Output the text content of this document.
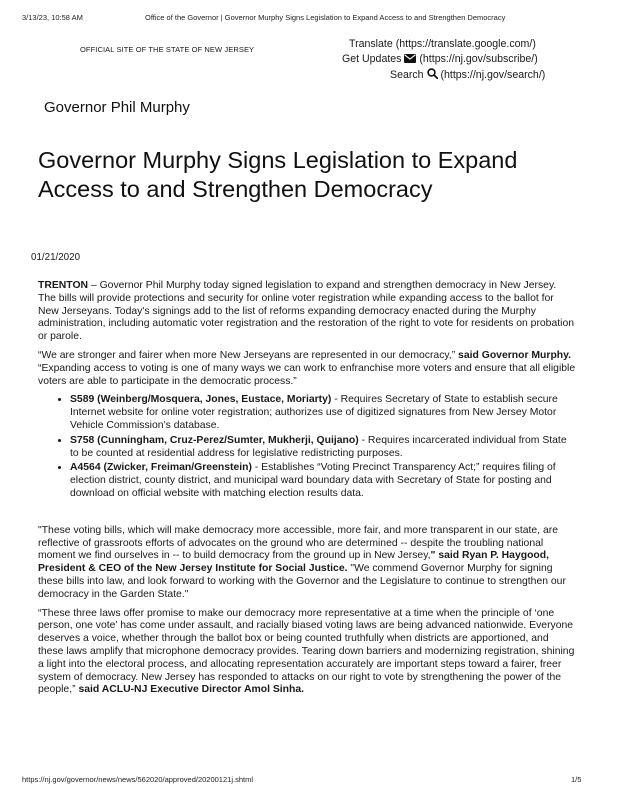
3/13/23, 10:58 AM	Office of the Governor | Governor Murphy Signs Legislation to Expand Access to and Strengthen Democracy
OFFICIAL SITE OF THE STATE OF NEW JERSEY	Translate (https://translate.google.com/)
Get Updates (https://nj.gov/subscribe/)
Search (https://nj.gov/search/)
Governor Phil Murphy
Governor Murphy Signs Legislation to Expand Access to and Strengthen Democracy
01/21/2020

TRENTON – Governor Phil Murphy today signed legislation to expand and strengthen democracy in New Jersey. The bills will provide protections and security for online voter registration while expanding access to the ballot for New Jerseyans. Today's signings add to the list of reforms expanding democracy enacted during the Murphy administration, including automatic voter registration and the restoration of the right to vote for residents on probation or parole.

“We are stronger and fairer when more New Jerseyans are represented in our democracy,” said Governor Murphy. “Expanding access to voting is one of many ways we can work to enfranchise more voters and ensure that all eligible voters are able to participate in the democratic process.”

• S589 (Weinberg/Mosquera, Jones, Eustace, Moriarty) - Requires Secretary of State to establish secure Internet website for online voter registration; authorizes use of digitized signatures from New Jersey Motor Vehicle Commission’s database.
• S758 (Cunningham, Cruz-Perez/Sumter, Mukherji, Quijano) - Requires incarcerated individual from State to be counted at residential address for legislative redistricting purposes.
• A4564 (Zwicker, Freiman/Greenstein) - Establishes “Voting Precinct Transparency Act;” requires filing of election district, county district, and municipal ward boundary data with Secretary of State for posting and download on official website with matching election results data.

"These voting bills, which will make democracy more accessible, more fair, and more transparent in our state, are reflective of grassroots efforts of advocates on the ground who are determined -- despite the troubling national moment we find ourselves in -- to build democracy from the ground up in New Jersey," said Ryan P. Haygood, President & CEO of the New Jersey Institute for Social Justice. "We commend Governor Murphy for signing these bills into law, and look forward to working with the Governor and the Legislature to continue to strengthen our democracy in the Garden State."

“These three laws offer promise to make our democracy more representative at a time when the principle of ‘one person, one vote’ has come under assault, and racially biased voting laws are being advanced nationwide. Everyone deserves a voice, whether through the ballot box or being counted truthfully when districts are apportioned, and these laws amplify that microphone democracy provides. Tearing down barriers and modernizing registration, shining a light into the electoral process, and allocating representation accurately are important steps toward a fairer, freer system of democracy. New Jersey has responded to attacks on our right to vote by strengthening the power of the people,” said ACLU-NJ Executive Director Amol Sinha.

https://nj.gov/governor/news/news/562020/approved/20200121j.shtml	1/5
